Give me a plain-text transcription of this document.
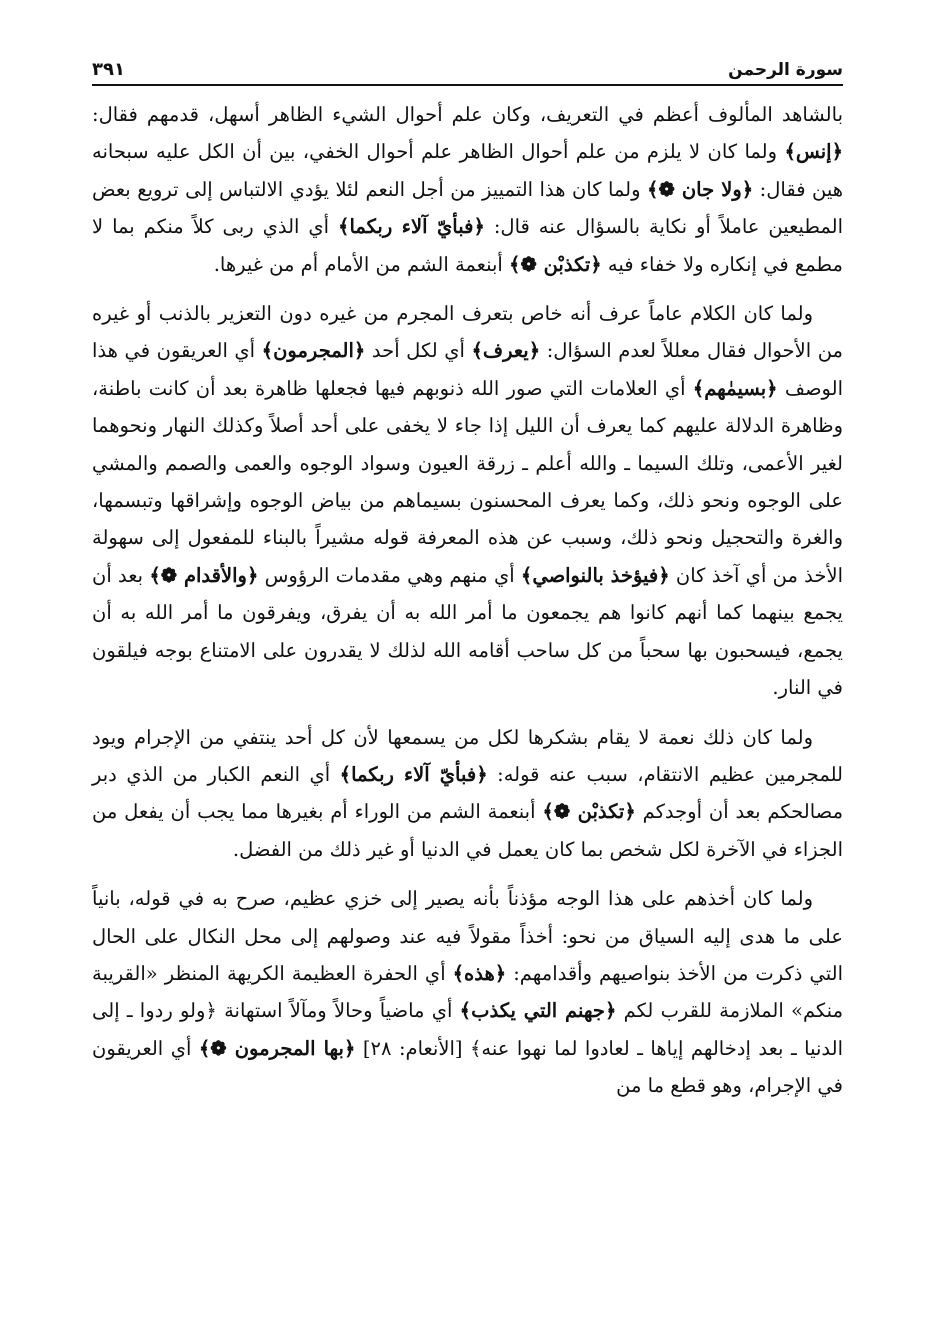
سورة الرحمن
٣٩١

بالشاهد المألوف أعظم في التعريف، وكان علم أحوال الشيء الظاهر أسهل، قدمهم فقال: ﴿إنس﴾ ولما كان لا يلزم من علم أحوال الظاهر علم أحوال الخفي، بين أن الكل عليه سبحانه هين فقال: ﴿ولا جان ❁﴾ ولما كان هذا التمييز من أجل النعم لئلا يؤدي الالتباس إلى ترويع بعض المطيعين عاملاً أو نكاية بالسؤال عنه قال: ﴿فبأيّ آلاء ربكما﴾ أي الذي ربى كلاً منكم بما لا مطمع في إنكاره ولا خفاء فيه ﴿تكذبْن ❁﴾ أبنعمة الشم من الأمام أم من غيرها.

ولما كان الكلام عاماً عرف أنه خاص بتعرف المجرم من غيره دون التعزير بالذنب أو غيره من الأحوال فقال معللاً لعدم السؤال: ﴿يعرف﴾ أي لكل أحد ﴿المجرمون﴾ أي العريقون في هذا الوصف ﴿بسيمٰهم﴾ أي العلامات التي صور الله ذنوبهم فيها فجعلها ظاهرة بعد أن كانت باطنة، وظاهرة الدلالة عليهم كما يعرف أن الليل إذا جاء لا يخفى على أحد أصلاً وكذلك النهار ونحوهما لغير الأعمى، وتلك السيما ـ والله أعلم ـ زرقة العيون وسواد الوجوه والعمى والصمم والمشي على الوجوه ونحو ذلك، وكما يعرف المحسنون بسيماهم من بياض الوجوه وإشراقها وتبسمها، والغرة والتحجيل ونحو ذلك، وسبب عن هذه المعرفة قوله مشيراً بالبناء للمفعول إلى سهولة الأخذ من أي آخذ كان ﴿فيؤخذ بالنواصي﴾ أي منهم وهي مقدمات الرؤوس ﴿والأقدام ❁﴾ بعد أن يجمع بينهما كما أنهم كانوا هم يجمعون ما أمر الله به أن يفرق، ويفرقون ما أمر الله به أن يجمع، فيسحبون بها سحباً من كل ساحب أقامه الله لذلك لا يقدرون على الامتناع بوجه فيلقون في النار.

ولما كان ذلك نعمة لا يقام بشكرها لكل من يسمعها لأن كل أحد ينتفي من الإجرام ويود للمجرمين عظيم الانتقام، سبب عنه قوله: ﴿فبأيّ آلاء ربكما﴾ أي النعم الكبار من الذي دبر مصالحكم بعد أن أوجدكم ﴿تكذبْن ❁﴾ أبنعمة الشم من الوراء أم بغيرها مما يجب أن يفعل من الجزاء في الآخرة لكل شخص بما كان يعمل في الدنيا أو غير ذلك من الفضل.

ولما كان أخذهم على هذا الوجه مؤذناً بأنه يصير إلى خزي عظيم، صرح به في قوله، بانياً على ما هدى إليه السياق من نحو: أخذاً مقولاً فيه عند وصولهم إلى محل النكال على الحال التي ذكرت من الأخذ بنواصيهم وأقدامهم: ﴿هذه﴾ أي الحفرة العظيمة الكريهة المنظر «القريبة منكم» الملازمة للقرب لكم ﴿جهنم التي يكذب﴾ أي ماضياً وحالاً ومآلاً استهانة ﴿ولو ردوا ـ إلى الدنيا ـ بعد إدخالهم إياها ـ لعادوا لما نهوا عنه﴾ [الأنعام: ٢٨] ﴿بها المجرمون ❁﴾ أي العريقون في الإجرام، وهو قطع ما من
